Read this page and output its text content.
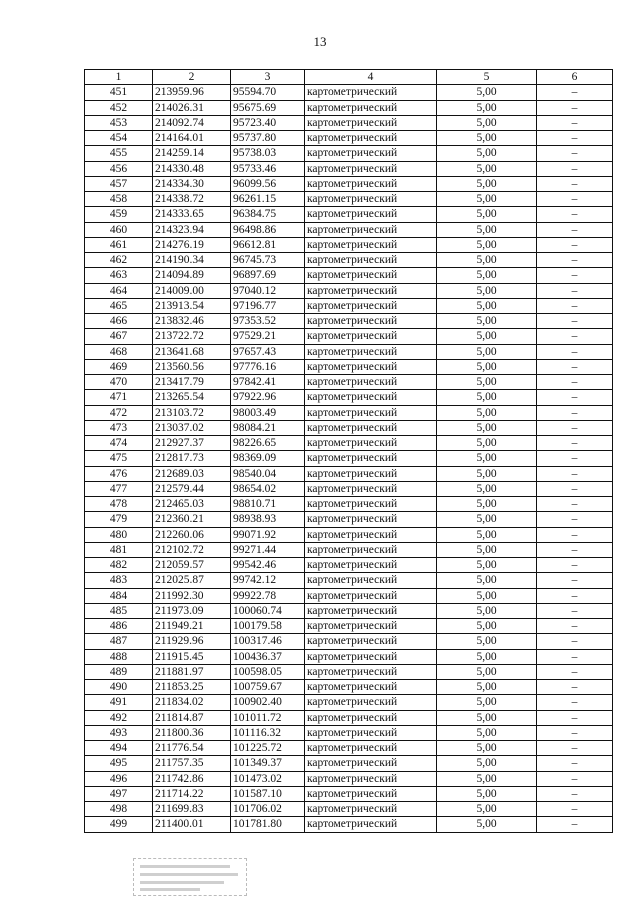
13
1	2	3	4	5	6
451	213959.96	95594.70	картометрический	5,00	–
452	214026.31	95675.69	картометрический	5,00	–
453	214092.74	95723.40	картометрический	5,00	–
454	214164.01	95737.80	картометрический	5,00	–
455	214259.14	95738.03	картометрический	5,00	–
456	214330.48	95733.46	картометрический	5,00	–
457	214334.30	96099.56	картометрический	5,00	–
458	214338.72	96261.15	картометрический	5,00	–
459	214333.65	96384.75	картометрический	5,00	–
460	214323.94	96498.86	картометрический	5,00	–
461	214276.19	96612.81	картометрический	5,00	–
462	214190.34	96745.73	картометрический	5,00	–
463	214094.89	96897.69	картометрический	5,00	–
464	214009.00	97040.12	картометрический	5,00	–
465	213913.54	97196.77	картометрический	5,00	–
466	213832.46	97353.52	картометрический	5,00	–
467	213722.72	97529.21	картометрический	5,00	–
468	213641.68	97657.43	картометрический	5,00	–
469	213560.56	97776.16	картометрический	5,00	–
470	213417.79	97842.41	картометрический	5,00	–
471	213265.54	97922.96	картометрический	5,00	–
472	213103.72	98003.49	картометрический	5,00	–
473	213037.02	98084.21	картометрический	5,00	–
474	212927.37	98226.65	картометрический	5,00	–
475	212817.73	98369.09	картометрический	5,00	–
476	212689.03	98540.04	картометрический	5,00	–
477	212579.44	98654.02	картометрический	5,00	–
478	212465.03	98810.71	картометрический	5,00	–
479	212360.21	98938.93	картометрический	5,00	–
480	212260.06	99071.92	картометрический	5,00	–
481	212102.72	99271.44	картометрический	5,00	–
482	212059.57	99542.46	картометрический	5,00	–
483	212025.87	99742.12	картометрический	5,00	–
484	211992.30	99922.78	картометрический	5,00	–
485	211973.09	100060.74	картометрический	5,00	–
486	211949.21	100179.58	картометрический	5,00	–
487	211929.96	100317.46	картометрический	5,00	–
488	211915.45	100436.37	картометрический	5,00	–
489	211881.97	100598.05	картометрический	5,00	–
490	211853.25	100759.67	картометрический	5,00	–
491	211834.02	100902.40	картометрический	5,00	–
492	211814.87	101011.72	картометрический	5,00	–
493	211800.36	101116.32	картометрический	5,00	–
494	211776.54	101225.72	картометрический	5,00	–
495	211757.35	101349.37	картометрический	5,00	–
496	211742.86	101473.02	картометрический	5,00	–
497	211714.22	101587.10	картометрический	5,00	–
498	211699.83	101706.02	картометрический	5,00	–
499	211400.01	101781.80	картометрический	5,00	–
